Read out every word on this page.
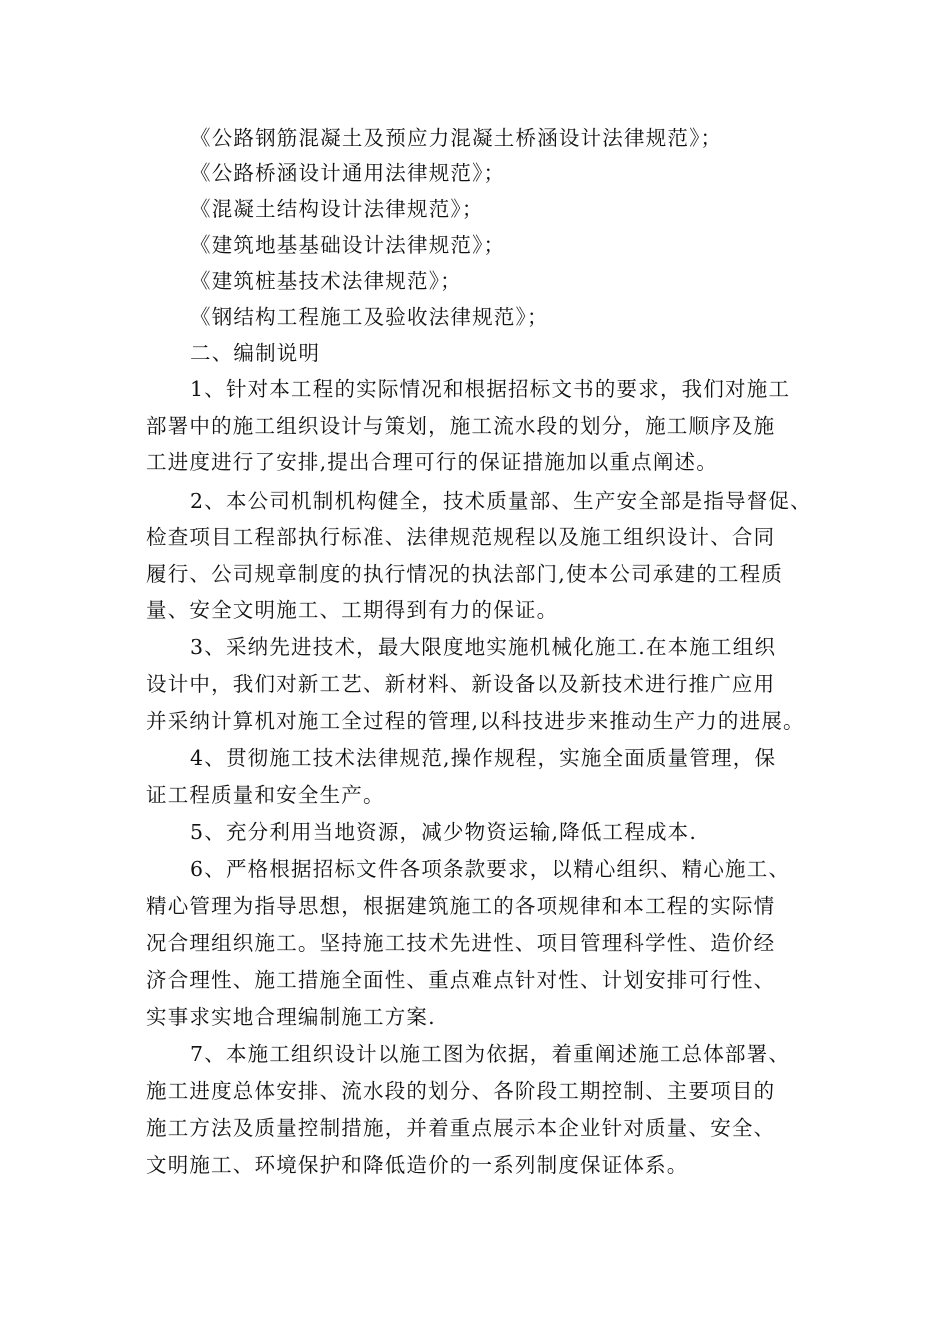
《公路钢筋混凝土及预应力混凝土桥涵设计法律规范》；
《公路桥涵设计通用法律规范》；
《混凝土结构设计法律规范》；
《建筑地基基础设计法律规范》；
《建筑桩基技术法律规范》；
《钢结构工程施工及验收法律规范》；
二、编制说明
1、针对本工程的实际情况和根据招标文书的要求，我们对施工
部署中的施工组织设计与策划，施工流水段的划分，施工顺序及施
工进度进行了安排,提出合理可行的保证措施加以重点阐述。
2、本公司机制机构健全，技术质量部、生产安全部是指导督促、
检查项目工程部执行标准、法律规范规程以及施工组织设计、合同
履行、公司规章制度的执行情况的执法部门,使本公司承建的工程质
量、安全文明施工、工期得到有力的保证。
3、采纳先进技术，最大限度地实施机械化施工.在本施工组织
设计中，我们对新工艺、新材料、新设备以及新技术进行推广应用
并采纳计算机对施工全过程的管理,以科技进步来推动生产力的进展。
4、贯彻施工技术法律规范,操作规程，实施全面质量管理，保
证工程质量和安全生产。
5、充分利用当地资源，减少物资运输,降低工程成本.
6、严格根据招标文件各项条款要求，以精心组织、精心施工、
精心管理为指导思想，根据建筑施工的各项规律和本工程的实际情
况合理组织施工。坚持施工技术先进性、项目管理科学性、造价经
济合理性、施工措施全面性、重点难点针对性、计划安排可行性、
实事求实地合理编制施工方案.
7、本施工组织设计以施工图为依据，着重阐述施工总体部署、
施工进度总体安排、流水段的划分、各阶段工期控制、主要项目的
施工方法及质量控制措施，并着重点展示本企业针对质量、安全、
文明施工、环境保护和降低造价的一系列制度保证体系。
